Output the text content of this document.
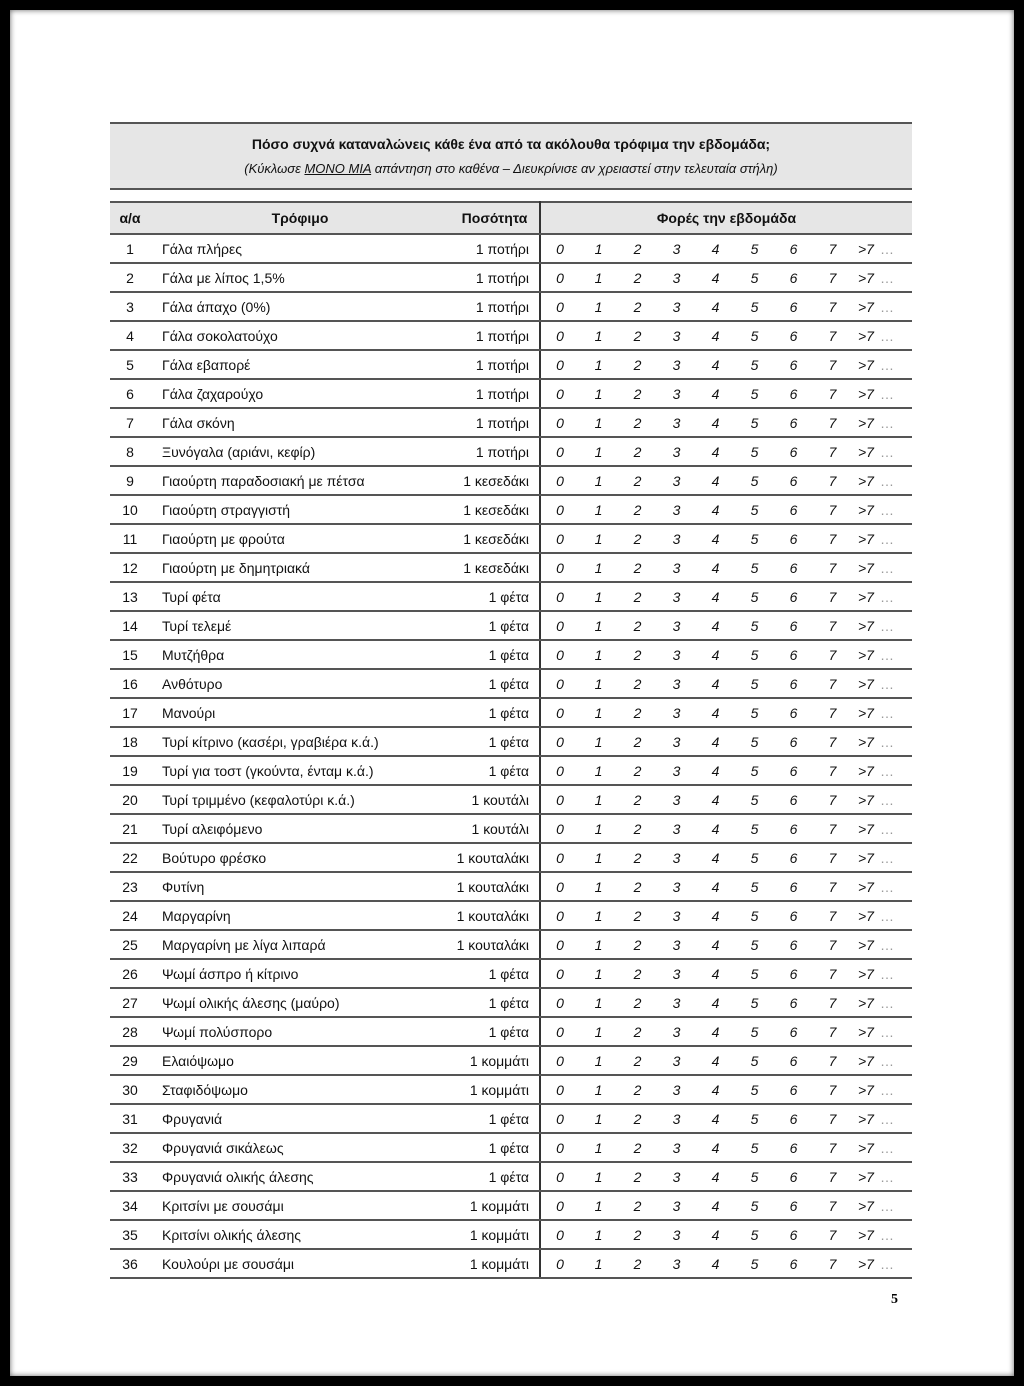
Πόσο συχνά καταναλώνεις κάθε ένα από τα ακόλουθα τρόφιμα την εβδομάδα;
(Κύκλωσε ΜΟΝΟ ΜΙΑ απάντηση στο καθένα – Διευκρίνισε αν χρειαστεί στην τελευταία στήλη)
α/α	Τρόφιμο	Ποσότητα	Φορές την εβδομάδα								
1	Γάλα πλήρες	1 ποτήρι	0	1	2	3	4	5	6	7	>7 …
2	Γάλα με λίπος 1,5%	1 ποτήρι	0	1	2	3	4	5	6	7	>7 …
3	Γάλα άπαχο (0%)	1 ποτήρι	0	1	2	3	4	5	6	7	>7 …
4	Γάλα σοκολατούχο	1 ποτήρι	0	1	2	3	4	5	6	7	>7 …
5	Γάλα εβαπορέ	1 ποτήρι	0	1	2	3	4	5	6	7	>7 …
6	Γάλα ζαχαρούχο	1 ποτήρι	0	1	2	3	4	5	6	7	>7 …
7	Γάλα σκόνη	1 ποτήρι	0	1	2	3	4	5	6	7	>7 …
8	Ξυνόγαλα (αριάνι, κεφίρ)	1 ποτήρι	0	1	2	3	4	5	6	7	>7 …
9	Γιαούρτη παραδοσιακή με πέτσα	1 κεσεδάκι	0	1	2	3	4	5	6	7	>7 …
10	Γιαούρτη στραγγιστή	1 κεσεδάκι	0	1	2	3	4	5	6	7	>7 …
11	Γιαούρτη με φρούτα	1 κεσεδάκι	0	1	2	3	4	5	6	7	>7 …
12	Γιαούρτη με δημητριακά	1 κεσεδάκι	0	1	2	3	4	5	6	7	>7 …
13	Τυρί φέτα	1 φέτα	0	1	2	3	4	5	6	7	>7 …
14	Τυρί τελεμέ	1 φέτα	0	1	2	3	4	5	6	7	>7 …
15	Μυτζήθρα	1 φέτα	0	1	2	3	4	5	6	7	>7 …
16	Ανθότυρο	1 φέτα	0	1	2	3	4	5	6	7	>7 …
17	Μανούρι	1 φέτα	0	1	2	3	4	5	6	7	>7 …
18	Τυρί κίτρινο (κασέρι, γραβιέρα κ.ά.)	1 φέτα	0	1	2	3	4	5	6	7	>7 …
19	Τυρί για τοστ (γκούντα, ένταμ κ.ά.)	1 φέτα	0	1	2	3	4	5	6	7	>7 …
20	Τυρί τριμμένο (κεφαλοτύρι κ.ά.)	1 κουτάλι	0	1	2	3	4	5	6	7	>7 …
21	Τυρί αλειφόμενο	1 κουτάλι	0	1	2	3	4	5	6	7	>7 …
22	Βούτυρο φρέσκο	1 κουταλάκι	0	1	2	3	4	5	6	7	>7 …
23	Φυτίνη	1 κουταλάκι	0	1	2	3	4	5	6	7	>7 …
24	Μαργαρίνη	1 κουταλάκι	0	1	2	3	4	5	6	7	>7 …
25	Μαργαρίνη με λίγα λιπαρά	1 κουταλάκι	0	1	2	3	4	5	6	7	>7 …
26	Ψωμί άσπρο ή κίτρινο	1 φέτα	0	1	2	3	4	5	6	7	>7 …
27	Ψωμί ολικής άλεσης (μαύρο)	1 φέτα	0	1	2	3	4	5	6	7	>7 …
28	Ψωμί πολύσπορο	1 φέτα	0	1	2	3	4	5	6	7	>7 …
29	Ελαιόψωμο	1 κομμάτι	0	1	2	3	4	5	6	7	>7 …
30	Σταφιδόψωμο	1 κομμάτι	0	1	2	3	4	5	6	7	>7 …
31	Φρυγανιά	1 φέτα	0	1	2	3	4	5	6	7	>7 …
32	Φρυγανιά σικάλεως	1 φέτα	0	1	2	3	4	5	6	7	>7 …
33	Φρυγανιά ολικής άλεσης	1 φέτα	0	1	2	3	4	5	6	7	>7 …
34	Κριτσίνι με σουσάμι	1 κομμάτι	0	1	2	3	4	5	6	7	>7 …
35	Κριτσίνι ολικής άλεσης	1 κομμάτι	0	1	2	3	4	5	6	7	>7 …
36	Κουλούρι με σουσάμι	1 κομμάτι	0	1	2	3	4	5	6	7	>7 …
5
